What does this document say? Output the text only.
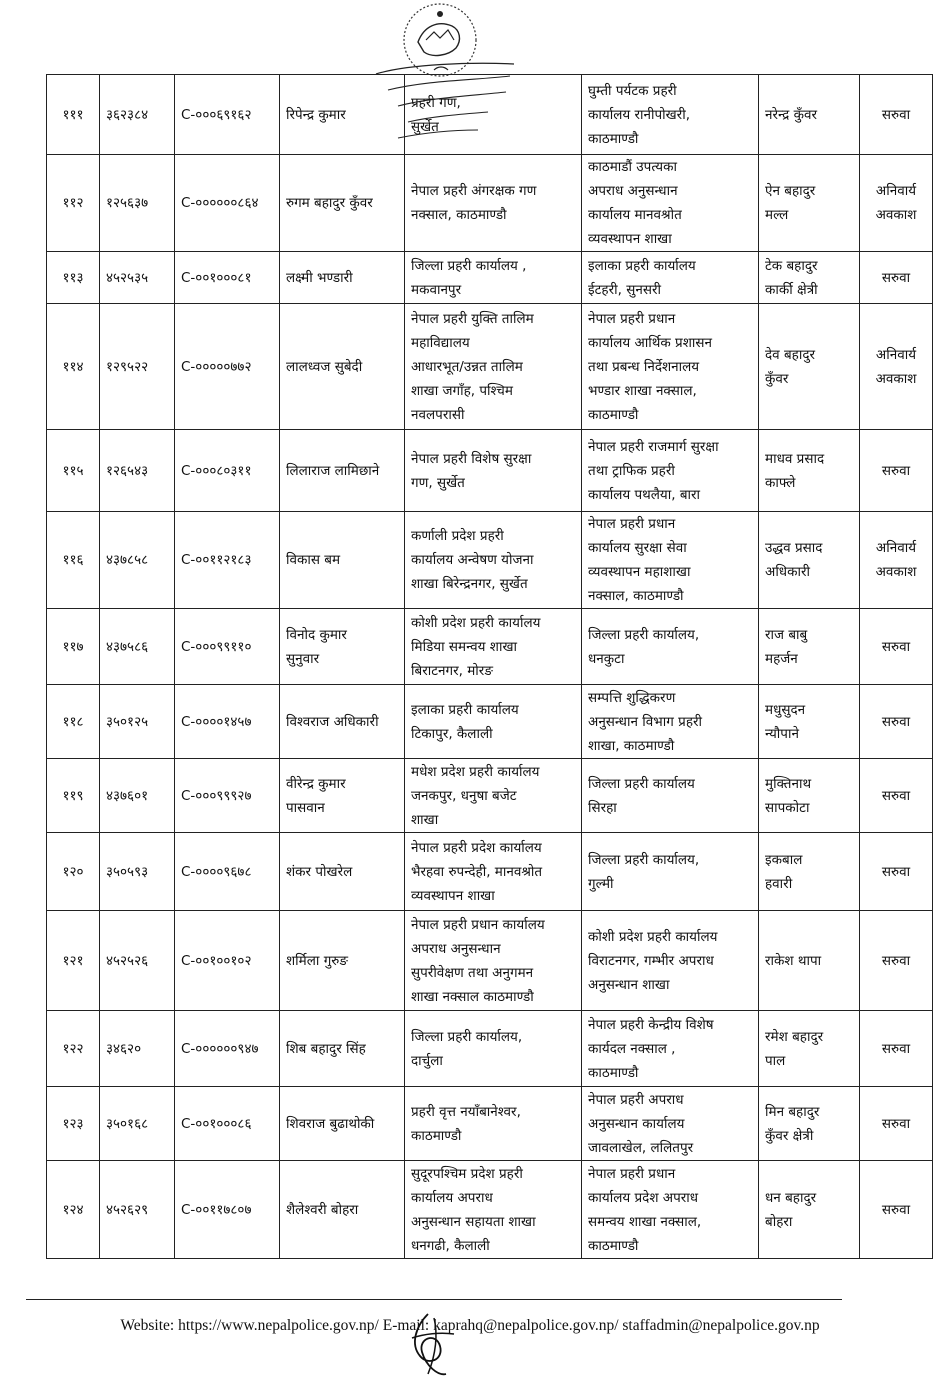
१११	३६२३८४	C-०००६९१६२	रिपेन्द्र कुमार	प्रहरी गण,
सुर्खेत	घुम्ती पर्यटक प्रहरी
कार्यालय रानीपोखरी,
काठमाण्डौ	नरेन्द्र कुँवर	सरुवा
११२	१२५६३७	C-००००००८६४	रुगम बहादुर कुँवर	नेपाल प्रहरी अंगरक्षक गण
नक्साल, काठमाण्डौ	काठमाडौं उपत्यका
अपराध अनुसन्धान
कार्यालय मानवश्रोत
व्यवस्थापन शाखा	ऐन बहादुर
मल्ल	अनिवार्य
अवकाश
११३	४५२५३५	C-००१०००८१	लक्ष्मी भण्डारी	जिल्ला प्रहरी कार्यालय ,
मकवानपुर	इलाका प्रहरी कार्यालय
ईटहरी, सुनसरी	टेक बहादुर
कार्की क्षेत्री	सरुवा
११४	१२९५२२	C-०००००७७२	लालध्वज सुबेदी	नेपाल प्रहरी युक्ति तालिम
महाविद्यालय
आधारभूत/उन्नत तालिम
शाखा जगाँह, पश्चिम
नवलपरासी	नेपाल प्रहरी प्रधान
कार्यालय आर्थिक प्रशासन
तथा प्रबन्ध निर्देशनालय
भण्डार शाखा नक्साल,
काठमाण्डौ	देव बहादुर
कुँवर	अनिवार्य
अवकाश
११५	१२६५४३	C-०००८०३११	लिलाराज लामिछाने	नेपाल प्रहरी विशेष सुरक्षा
गण, सुर्खेत	नेपाल प्रहरी राजमार्ग सुरक्षा
तथा ट्राफिक प्रहरी
कार्यालय पथलैया, बारा	माधव प्रसाद
काफ्ले	सरुवा
११६	४३७८५८	C-००११२१८३	विकास बम	कर्णाली प्रदेश प्रहरी
कार्यालय अन्वेषण योजना
शाखा बिरेन्द्रनगर, सुर्खेत	नेपाल प्रहरी प्रधान
कार्यालय सुरक्षा सेवा
व्यवस्थापन महाशाखा
नक्साल, काठमाण्डौ	उद्धव प्रसाद
अधिकारी	अनिवार्य
अवकाश
११७	४३७५८६	C-०००९९११०	विनोद कुमार
सुनुवार	कोशी प्रदेश प्रहरी कार्यालय
मिडिया समन्वय शाखा
बिराटनगर, मोरङ	जिल्ला प्रहरी कार्यालय,
धनकुटा	राज बाबु
महर्जन	सरुवा
११८	३५०१२५	C-००००१४५७	विश्वराज अधिकारी	इलाका प्रहरी कार्यालय
टिकापुर, कैलाली	सम्पत्ति शुद्धिकरण
अनुसन्धान विभाग प्रहरी
शाखा, काठमाण्डौ	मधुसुदन
न्यौपाने	सरुवा
११९	४३७६०१	C-०००९९९२७	वीरेन्द्र कुमार
पासवान	मधेश प्रदेश प्रहरी कार्यालय
जनकपुर, धनुषा बजेट
शाखा	जिल्ला प्रहरी कार्यालय
सिरहा	मुक्तिनाथ
सापकोटा	सरुवा
१२०	३५०५९३	C-००००९६७८	शंकर पोखरेल	नेपाल प्रहरी प्रदेश कार्यालय
भैरहवा रुपन्देही, मानवश्रोत
व्यवस्थापन शाखा	जिल्ला प्रहरी कार्यालय,
गुल्मी	इकबाल
हवारी	सरुवा
१२१	४५२५२६	C-००१००१०२	शर्मिला गुरुङ	नेपाल प्रहरी प्रधान कार्यालय
अपराध अनुसन्धान
सुपरीवेक्षण तथा अनुगमन
शाखा नक्साल काठमाण्डौ	कोशी प्रदेश प्रहरी कार्यालय
विराटनगर, गम्भीर अपराध
अनुसन्धान शाखा	राकेश थापा	सरुवा
१२२	३४६२०	C-००००००९४७	शिब बहादुर सिंह	जिल्ला प्रहरी कार्यालय,
दार्चुला	नेपाल प्रहरी केन्द्रीय विशेष
कार्यदल नक्साल ,
काठमाण्डौ	रमेश बहादुर
पाल	सरुवा
१२३	३५०१६८	C-००१०००८६	शिवराज बुढाथोकी	प्रहरी वृत्त नयाँबानेश्वर,
काठमाण्डौ	नेपाल प्रहरी अपराध
अनुसन्धान कार्यालय
जावलाखेल, ललितपुर	मिन बहादुर
कुँवर क्षेत्री	सरुवा
१२४	४५२६२९	C-००११७८०७	शैलेश्वरी बोहरा	सुदूरपश्चिम प्रदेश प्रहरी
कार्यालय अपराध
अनुसन्धान सहायता शाखा
धनगढी, कैलाली	नेपाल प्रहरी प्रधान
कार्यालय प्रदेश अपराध
समन्वय शाखा नक्साल,
काठमाण्डौ	धन बहादुर
बोहरा	सरुवा
Website: https://www.nepalpolice.gov.np/ E-mail: kaprahq@nepalpolice.gov.np/ staffadmin@nepalpolice.gov.np
